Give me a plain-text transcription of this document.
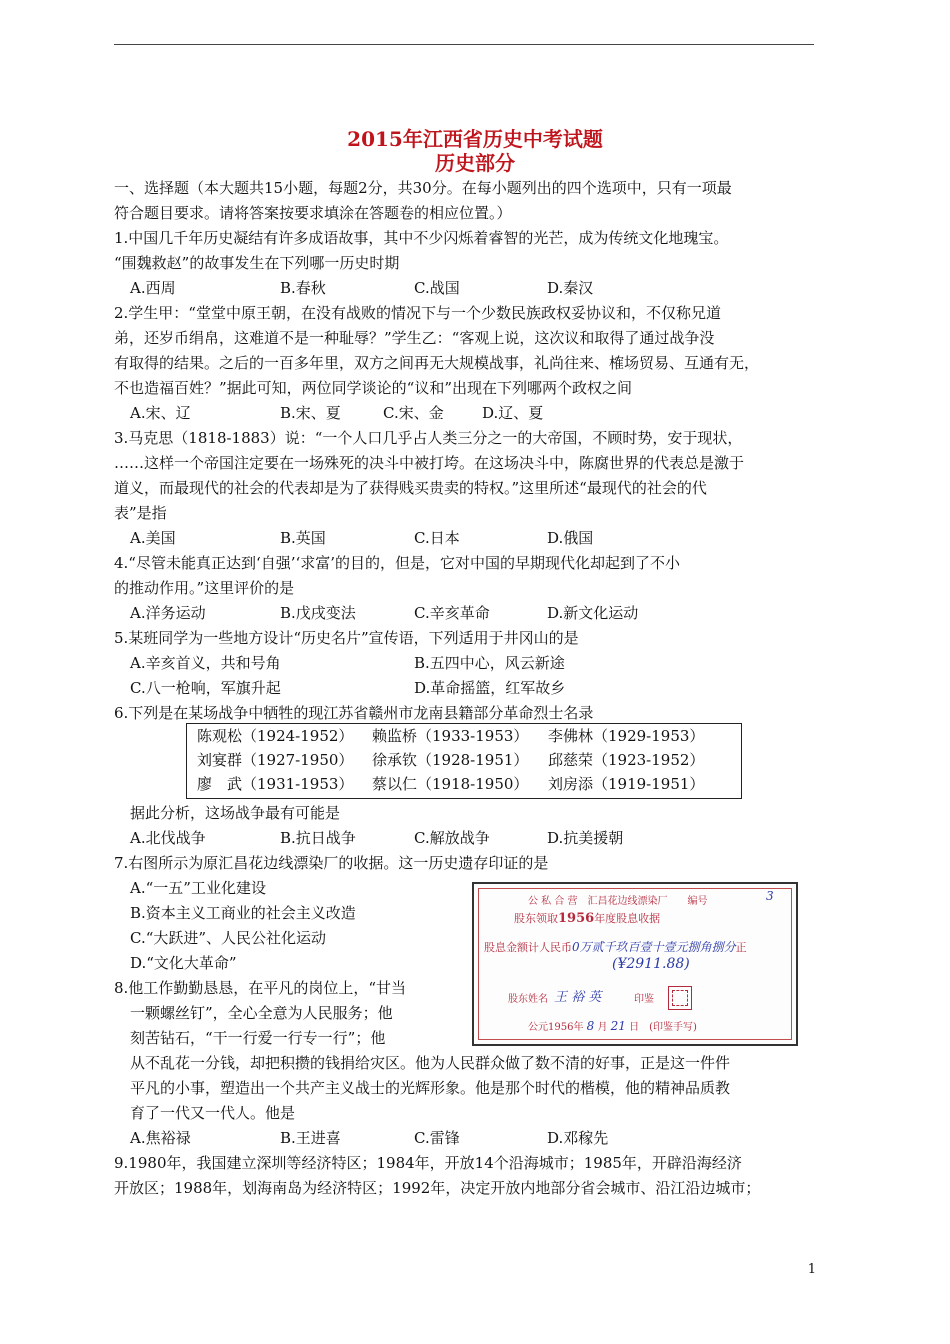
2015年江西省历史中考试题
历史部分
一、选择题（本大题共15小题，每题2分，共30分。在每小题列出的四个选项中，只有一项最
符合题目要求。请将答案按要求填涂在答题卷的相应位置。）
1.中国几千年历史凝结有许多成语故事，其中不少闪烁着睿智的光芒，成为传统文化地瑰宝。
“围魏救赵”的故事发生在下列哪一历史时期
A.西周	B.春秋	C.战国	D.秦汉
2.学生甲：“堂堂中原王朝，在没有战败的情况下与一个少数民族政权妥协议和，不仅称兄道
弟，还岁币绢帛，这难道不是一种耻辱？”学生乙：“客观上说，这次议和取得了通过战争没
有取得的结果。之后的一百多年里，双方之间再无大规模战事，礼尚往来、榷场贸易、互通有无，
不也造福百姓？”据此可知，两位同学谈论的“议和”出现在下列哪两个政权之间
A.宋、辽	B.宋、夏	C.宋、金	D.辽、夏
3.马克思（1818-1883）说：“一个人口几乎占人类三分之一的大帝国，不顾时势，安于现状，
……这样一个帝国注定要在一场殊死的决斗中被打垮。在这场决斗中，陈腐世界的代表总是激于
道义，而最现代的社会的代表却是为了获得贱买贵卖的特权。”这里所述“最现代的社会的代
表”是指
A.美国	B.英国	C.日本	D.俄国
4.“尽管未能真正达到‘自强’‘求富’的目的，但是，它对中国的早期现代化却起到了不小
的推动作用。”这里评价的是
A.洋务运动	B.戊戌变法	C.辛亥革命	D.新文化运动
5.某班同学为一些地方设计“历史名片”宣传语，下列适用于井冈山的是
A.辛亥首义，共和号角	B.五四中心，风云新途
C.八一枪响，军旗升起	D.革命摇篮，红军故乡
6.下列是在某场战争中牺牲的现江苏省赣州市龙南县籍部分革命烈士名录
陈观松（1924-1952） 赖监桥（1933-1953） 李佛林（1929-1953）
刘宴群（1927-1950） 徐承钦（1928-1951） 邱慈荣（1923-1952）
廖　武（1931-1953） 蔡以仁（1918-1950） 刘房添（1919-1951）
据此分析，这场战争最有可能是
A.北伐战争	B.抗日战争	C.解放战争	D.抗美援朝
7.右图所示为原汇昌花边线漂染厂的收据。这一历史遗存印证的是
A.“一五”工业化建设
B.资本主义工商业的社会主义改造
C.“大跃进”、人民公社化运动
D.“文化大革命”
公 私 合 营　汇昌花边线漂染厂　　编号	3
股东领取1956年度股息收据
股息金额计人民币0万贰千玖百壹十壹元捌角捌分正
(¥2911.88)
股东姓名 王 裕 英	印鉴
公元1956年 8 月 21 日　(印鉴手写)
8.他工作勤勤恳恳，在平凡的岗位上，“甘当
一颗螺丝钉”，全心全意为人民服务；他
刻苦钻石，“干一行爱一行专一行”；他
从不乱花一分钱，却把积攒的钱捐给灾区。他为人民群众做了数不清的好事，正是这一件件
平凡的小事，塑造出一个共产主义战士的光辉形象。他是那个时代的楷模，他的精神品质教
育了一代又一代人。他是
A.焦裕禄	B.王进喜	C.雷锋	D.邓稼先
9.1980年，我国建立深圳等经济特区；1984年，开放14个沿海城市；1985年，开辟沿海经济
开放区；1988年，划海南岛为经济特区；1992年，决定开放内地部分省会城市、沿江沿边城市；
1
